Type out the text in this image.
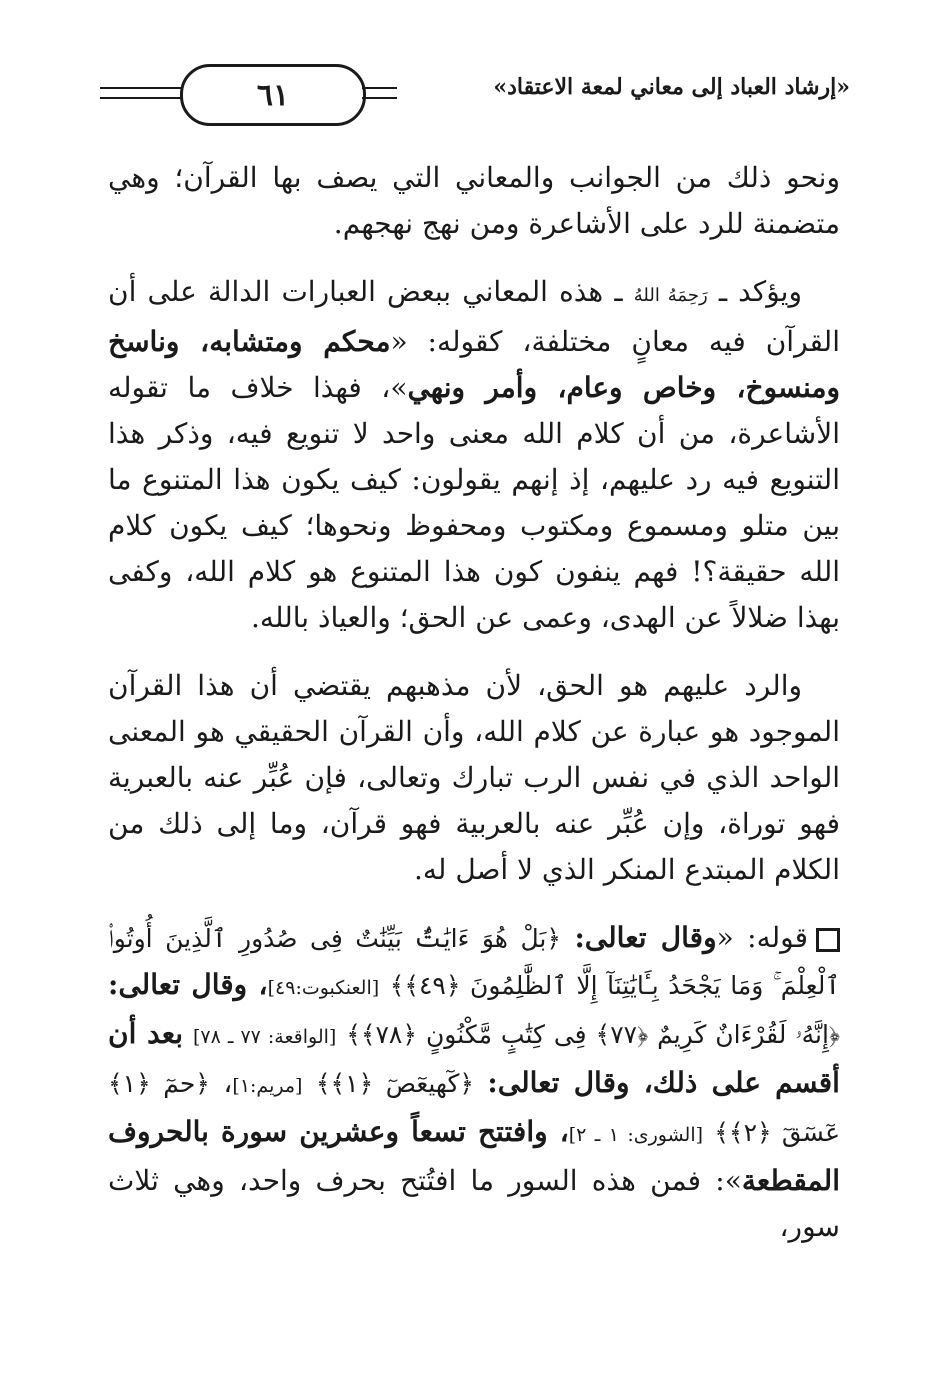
٦١	«إرشاد العباد إلى معاني لمعة الاعتقاد»

ونحو ذلك من الجوانب والمعاني التي يصف بها القرآن؛ وهي متضمنة للرد على الأشاعرة ومن نهج نهجهم.

ويؤكد ـ رَحِمَهُ اللهُ ـ هذه المعاني ببعض العبارات الدالة على أن القرآن فيه معانٍ مختلفة، كقوله: «محكم ومتشابه، وناسخ ومنسوخ، وخاص وعام، وأمر ونهي»، فهذا خلاف ما تقوله الأشاعرة، من أن كلام الله معنى واحد لا تنويع فيه، وذكر هذا التنويع فيه رد عليهم، إذ إنهم يقولون: كيف يكون هذا المتنوع ما بين متلو ومسموع ومكتوب ومحفوظ ونحوها؛ كيف يكون كلام الله حقيقة؟! فهم ينفون كون هذا المتنوع هو كلام الله، وكفى بهذا ضلالاً عن الهدى، وعمى عن الحق؛ والعياذ بالله.

والرد عليهم هو الحق، لأن مذهبهم يقتضي أن هذا القرآن الموجود هو عبارة عن كلام الله، وأن القرآن الحقيقي هو المعنى الواحد الذي في نفس الرب تبارك وتعالى، فإن عُبِّر عنه بالعبرية فهو توراة، وإن عُبِّر عنه بالعربية فهو قرآن، وما إلى ذلك من الكلام المبتدع المنكر الذي لا أصل له.

قوله: «وقال تعالى: ﴿بَلْ هُوَ ءَايَٰتٌۢ بَيِّنَٰتٌ فِى صُدُورِ ٱلَّذِينَ أُوتُوا۟ ٱلْعِلْمَ ۚ وَمَا يَجْحَدُ بِـَٔايَٰتِنَآ إِلَّا ٱلظَّٰلِمُونَ ﴿٤٩﴾﴾ [العنكبوت:٤٩]، وقال تعالى: ﴿إِنَّهُۥ لَقُرْءَانٌ كَرِيمٌ ﴿٧٧﴾ فِى كِتَٰبٍ مَّكْنُونٍ ﴿٧٨﴾﴾ [الواقعة: ٧٧ ـ ٧٨] بعد أن أقسم على ذلك، وقال تعالى: ﴿كٓهيعٓصٓ ﴿١﴾﴾ [مريم:١]، ﴿حمٓ ﴿١﴾ عٓسٓقٓ ﴿٢﴾﴾ [الشورى: ١ ـ ٢]، وافتتح تسعاً وعشرين سورة بالحروف المقطعة»: فمن هذه السور ما افتُتح بحرف واحد، وهي ثلاث سور،
